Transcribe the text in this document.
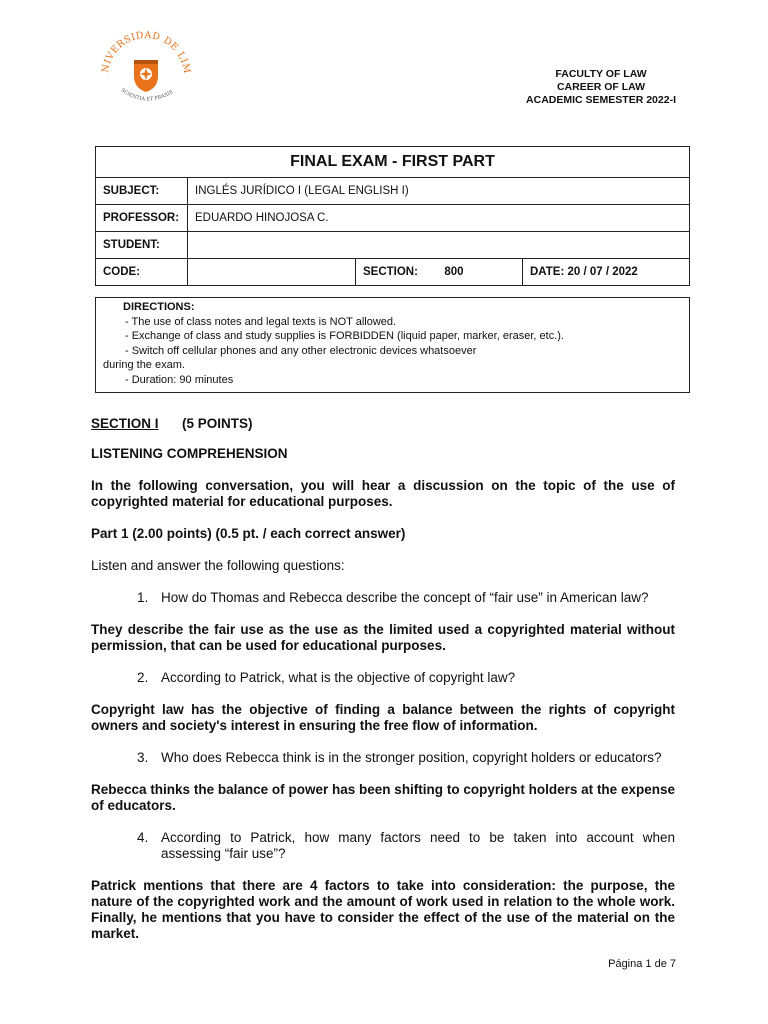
NIVERSIDAD DE LIM
SCIENTIA ET PRAXIS
FACULTY OF LAW
CAREER OF LAW
ACADEMIC SEMESTER 2022-I
FINAL EXAM - FIRST PART			
SUBJECT:	INGLÉS JURÍDICO I (LEGAL ENGLISH I)		
PROFESSOR:	EDUARDO HINOJOSA C.		
STUDENT:			
CODE:		SECTION: 800	DATE: 20 / 07 / 2022
DIRECTIONS:
- The use of class notes and legal texts is NOT allowed.
- Exchange of class and study supplies is FORBIDDEN (liquid paper, marker, eraser, etc.).
- Switch off cellular phones and any other electronic devices whatsoever
during the exam.
- Duration: 90 minutes

SECTION I (5 POINTS)

LISTENING COMPREHENSION

In the following conversation, you will hear a discussion on the topic of the use of copyrighted material for educational purposes.

Part 1 (2.00 points) (0.5 pt. / each correct answer)

Listen and answer the following questions:

1. How do Thomas and Rebecca describe the concept of “fair use” in American law?

They describe the fair use as the use as the limited used a copyrighted material without permission, that can be used for educational purposes.

2. According to Patrick, what is the objective of copyright law?

Copyright law has the objective of finding a balance between the rights of copyright owners and society's interest in ensuring the free flow of information.

3. Who does Rebecca think is in the stronger position, copyright holders or educators?

Rebecca thinks the balance of power has been shifting to copyright holders at the expense of educators.

4. According to Patrick, how many factors need to be taken into account when assessing “fair use”?

Patrick mentions that there are 4 factors to take into consideration: the purpose, the nature of the copyrighted work and the amount of work used in relation to the whole work. Finally, he mentions that you have to consider the effect of the use of the material on the market.

Página 1 de 7
